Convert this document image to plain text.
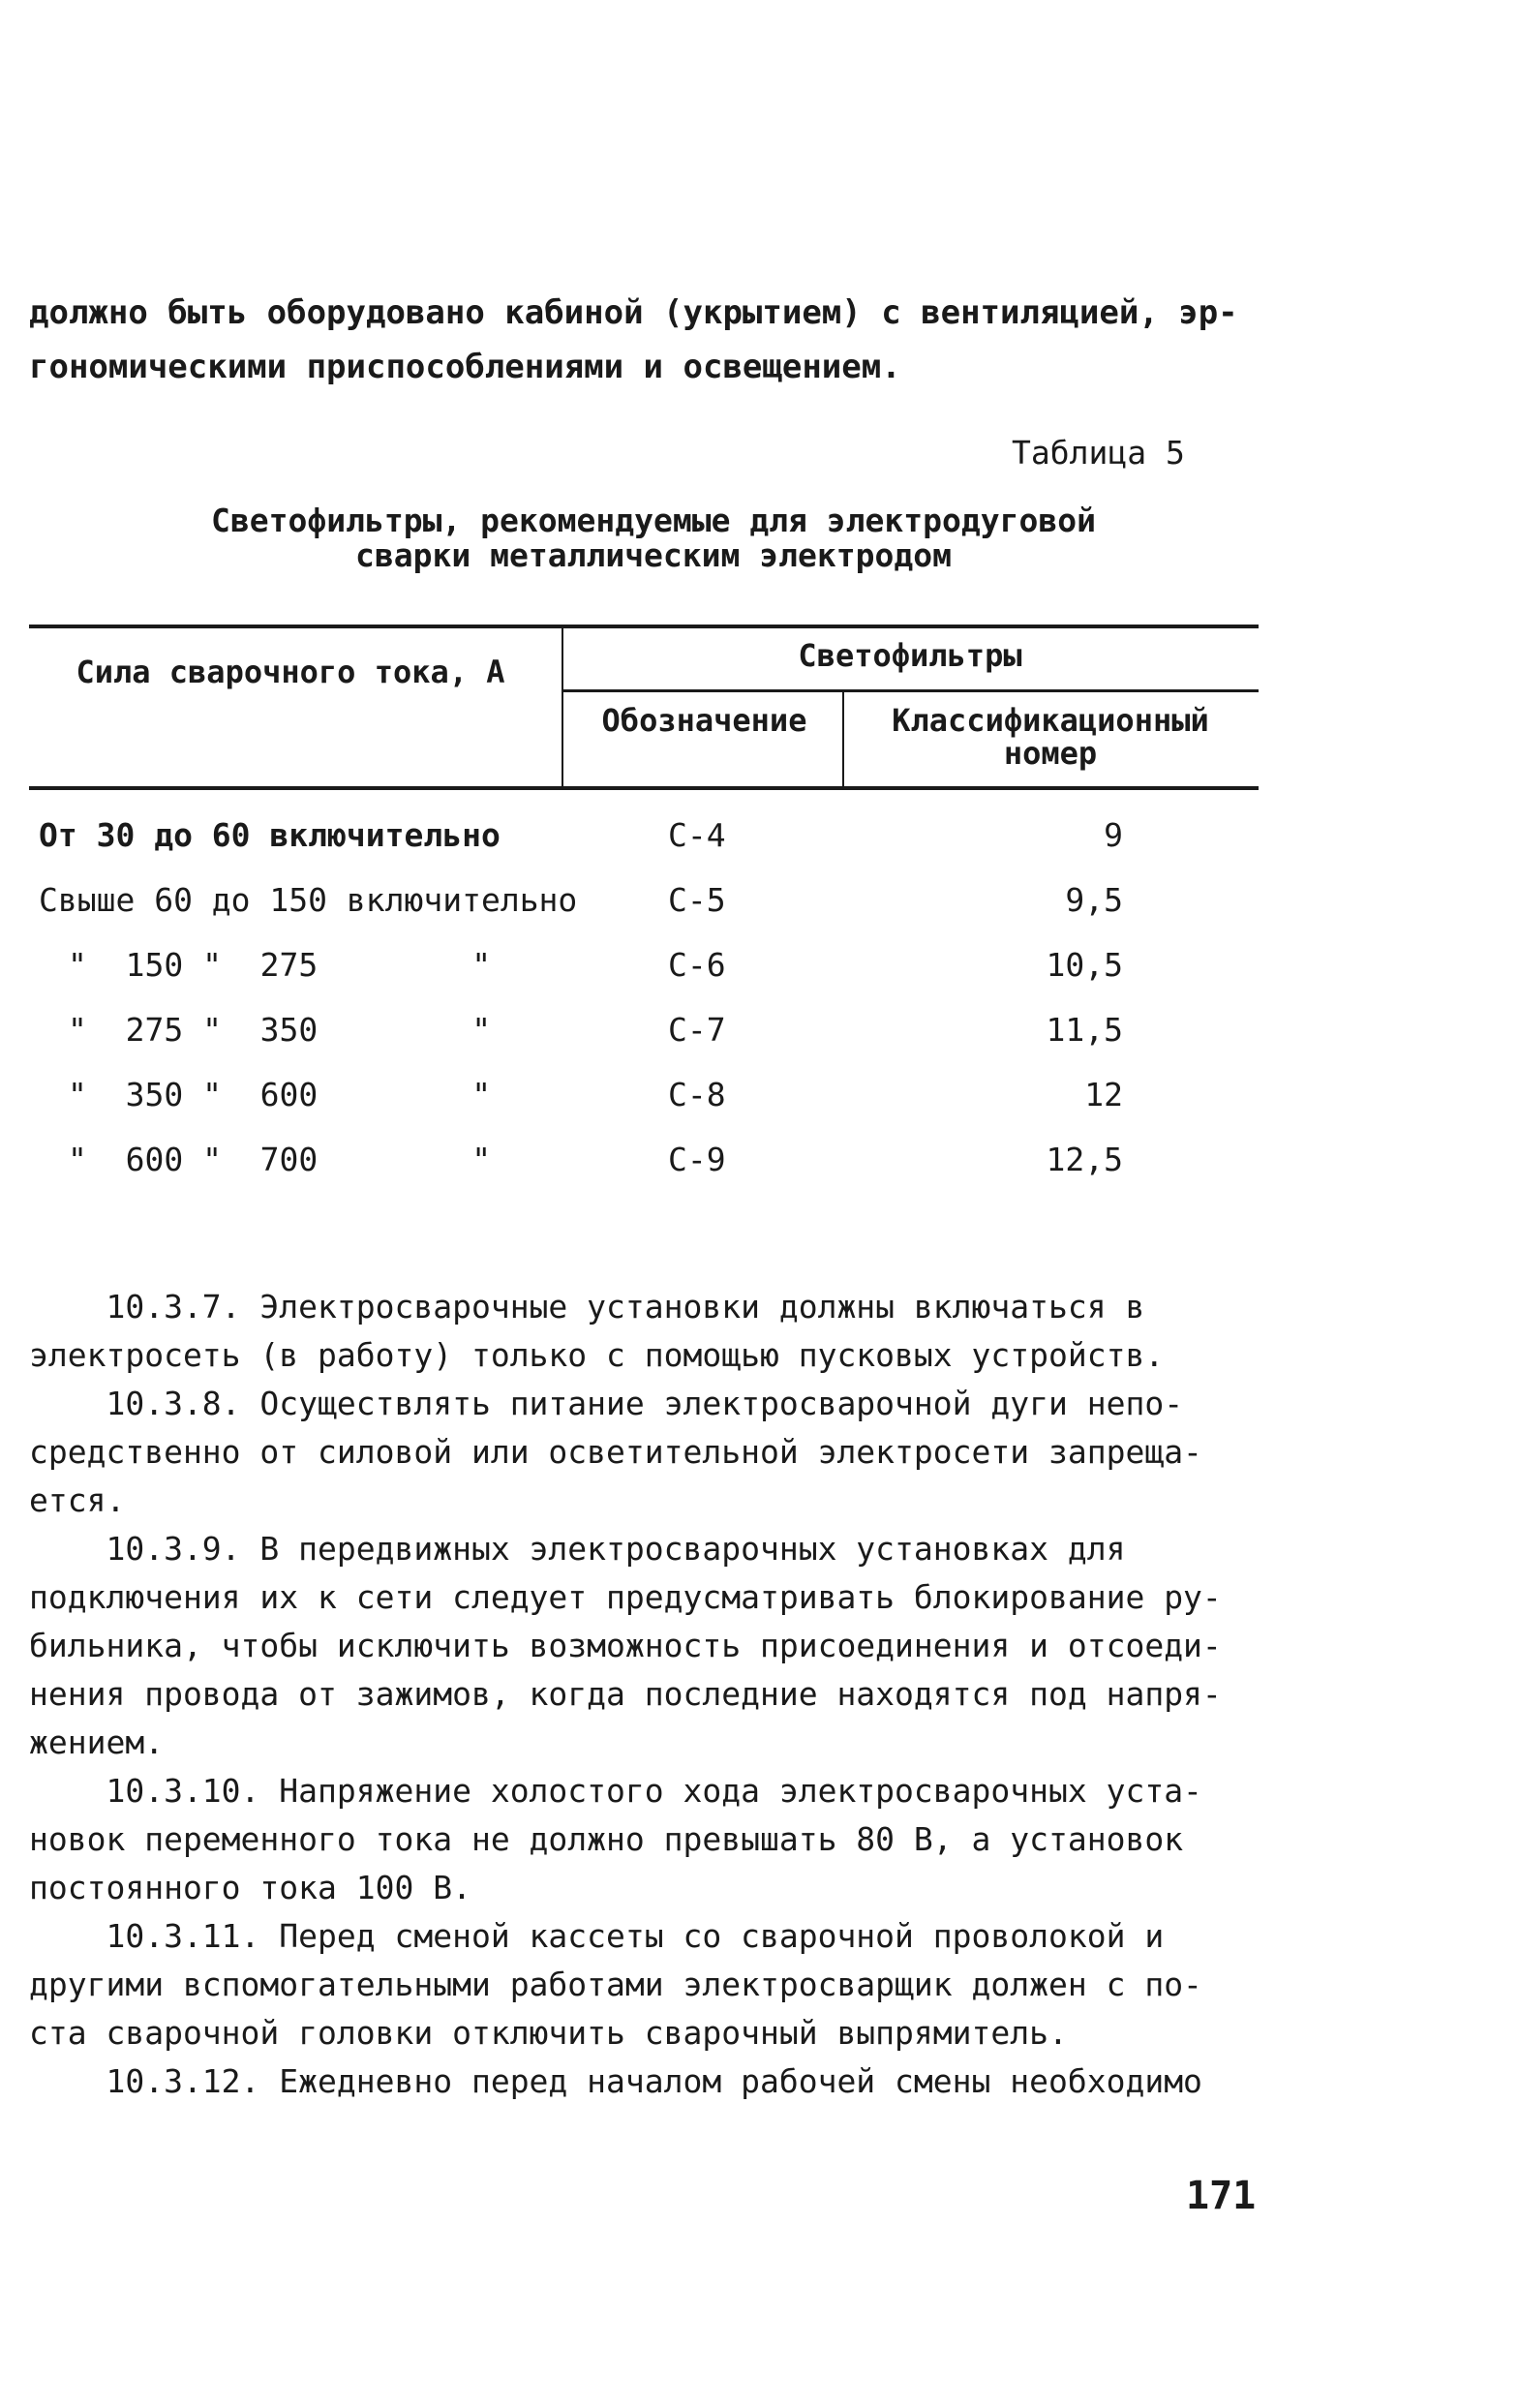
должно быть оборудовано кабиной (укрытием) с вентиляцией, эр-
гономическими приспособлениями и освещением.
Таблица 5
Светофильтры, рекомендуемые для электродуговой
сварки металлическим электродом
Сила сварочного тока, А	Светофильтры
Обозначение	Классификационный
номер
От 30 до 60 включительно	С-4	9
Свыше 60 до 150 включительно	С-5	9,5
"  150 "  275        "	С-6	10,5
"  275 "  350        "	С-7	11,5
"  350 "  600        "	С-8	12
"  600 "  700        "	С-9	12,5

10.3.7. Электросварочные установки должны включаться в

электросеть (в работу) только с помощью пусковых устройств.

10.3.8. Осуществлять питание электросварочной дуги непо-

средственно от силовой или осветительной электросети запреща-

ется.

10.3.9. В передвижных электросварочных установках для

подключения их к сети следует предусматривать блокирование ру-

бильника, чтобы исключить возможность присоединения и отсоеди-

нения провода от зажимов, когда последние находятся под напря-

жением.

10.3.10. Напряжение холостого хода электросварочных уста-

новок переменного тока не должно превышать 80 В, а установок

постоянного тока 100 В.

10.3.11. Перед сменой кассеты со сварочной проволокой и

другими вспомогательными работами электросварщик должен с по-

ста сварочной головки отключить сварочный выпрямитель.

10.3.12. Ежедневно перед началом рабочей смены необходимо

171
